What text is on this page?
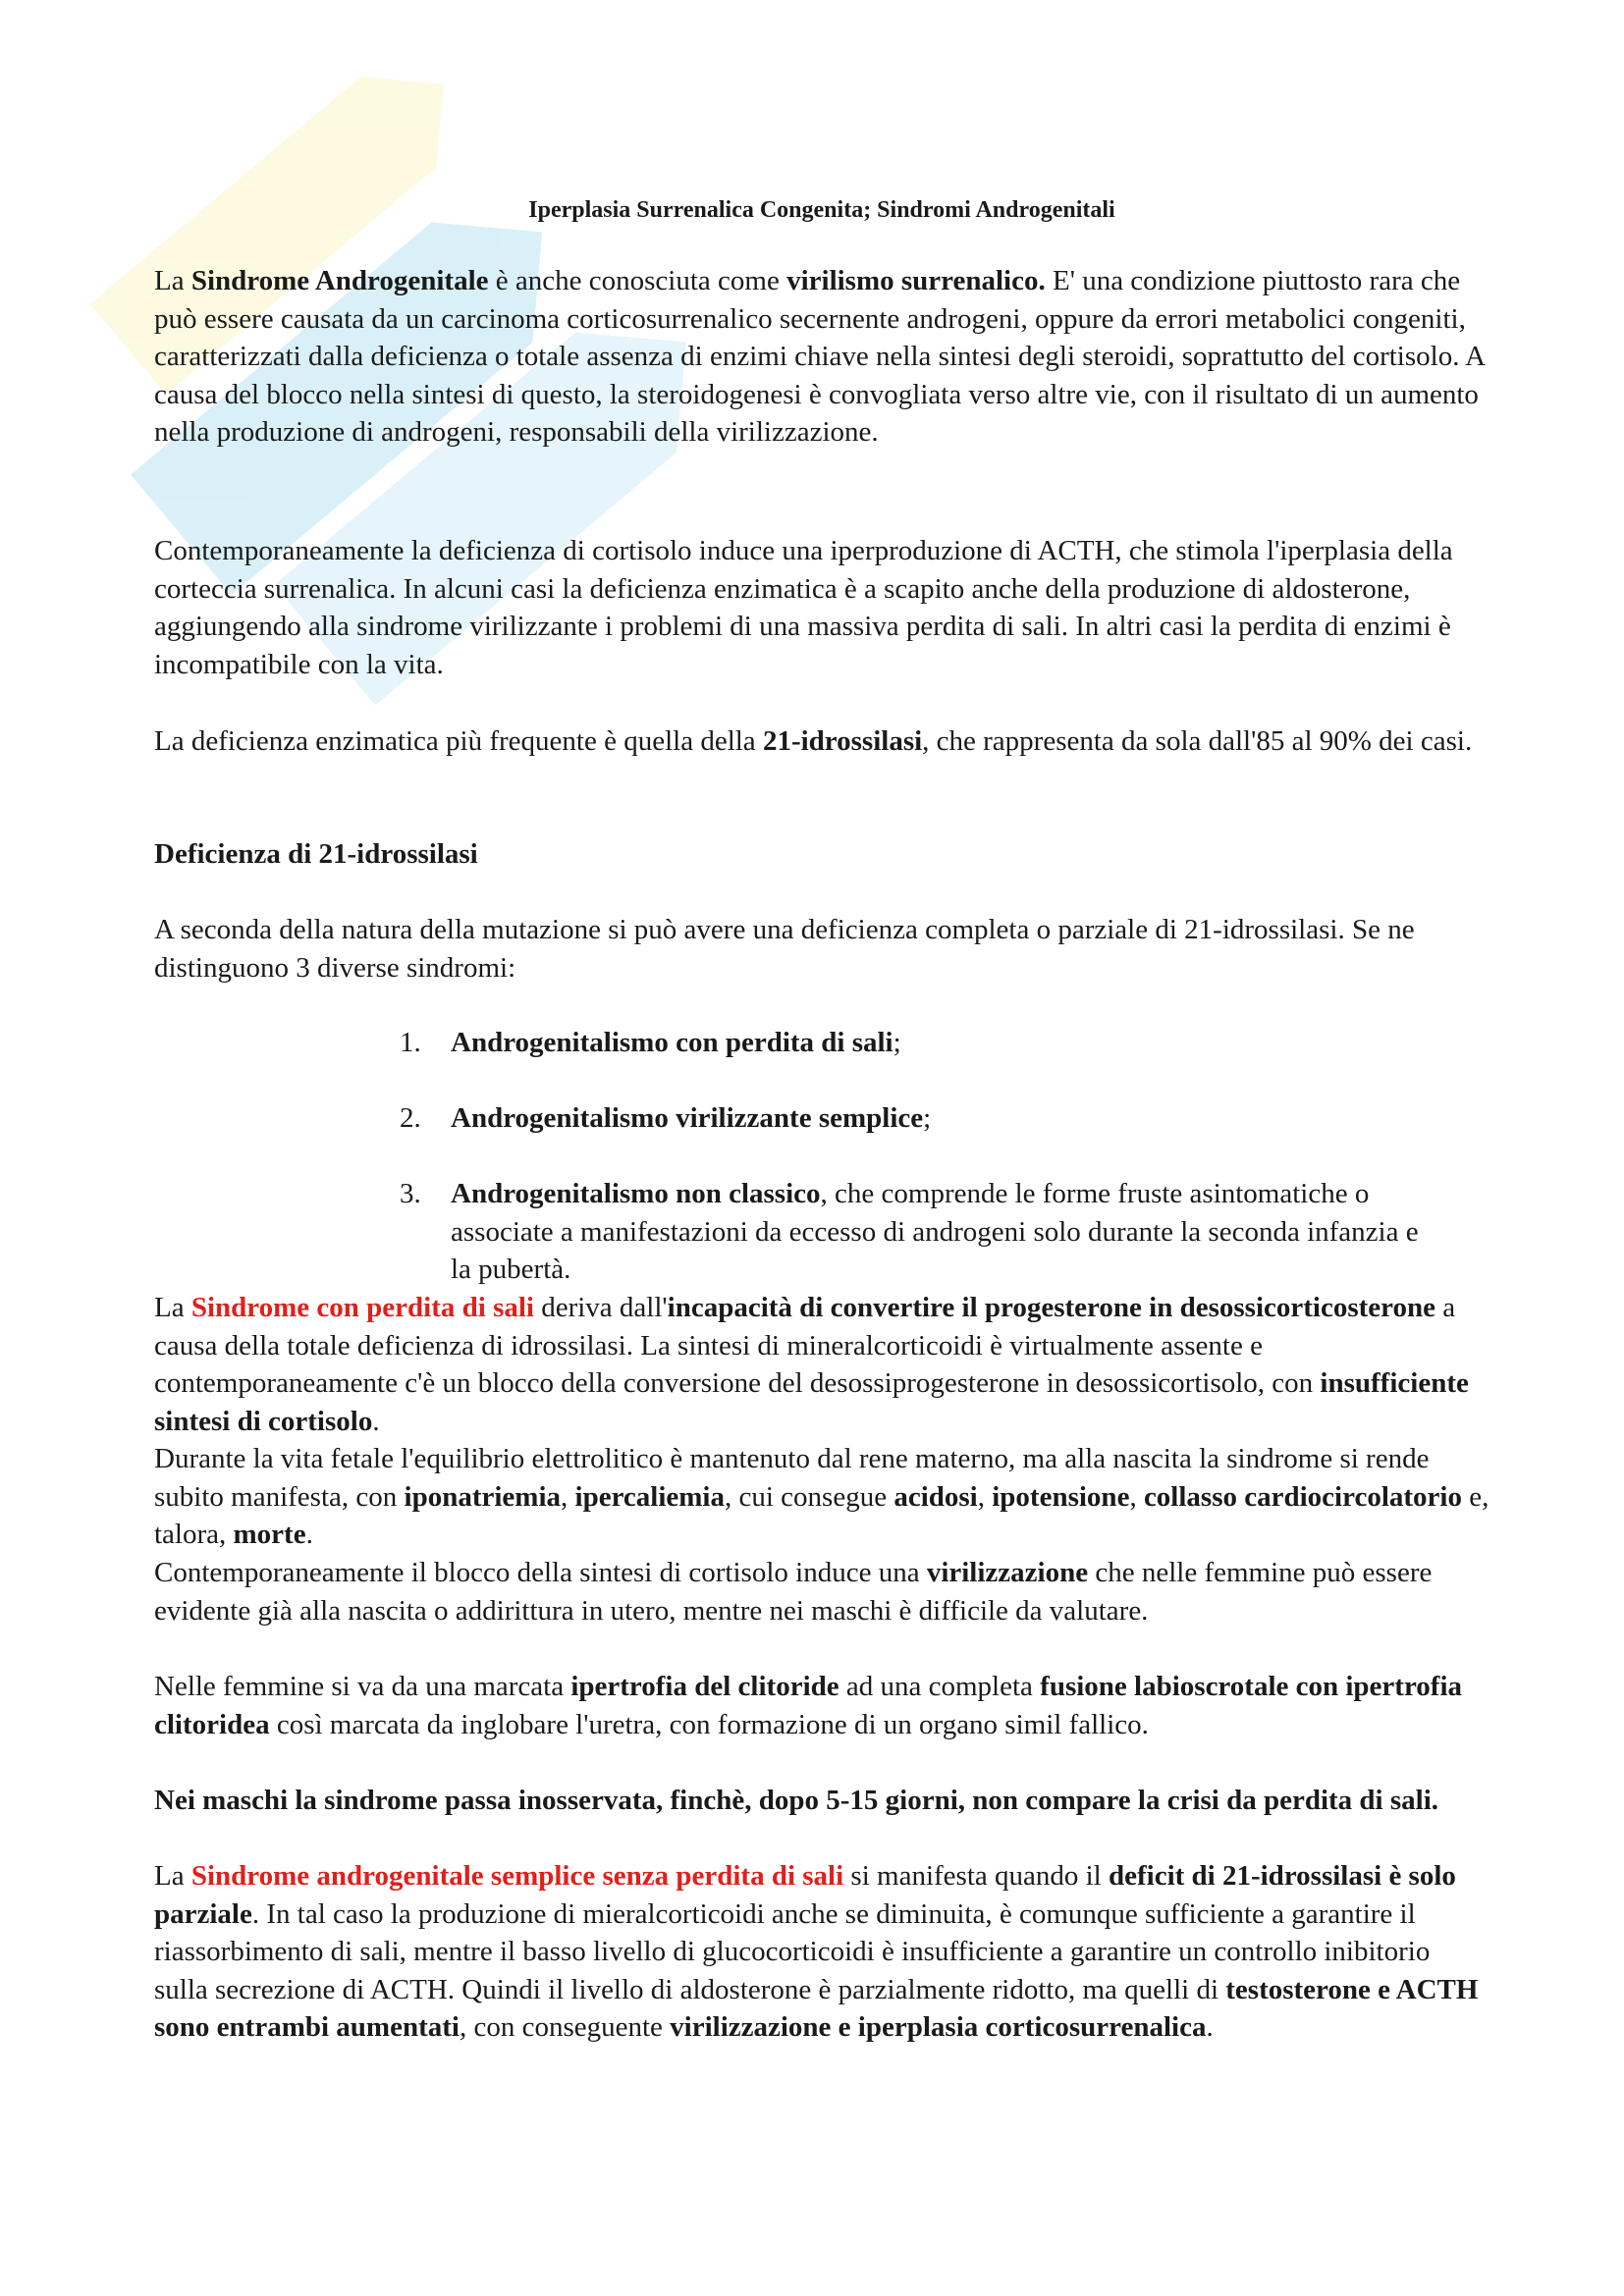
Iperplasia Surrenalica Congenita; Sindromi Androgenitali

La Sindrome Androgenitale è anche conosciuta come virilismo surrenalico. E' una condizione piuttosto rara che può essere causata da un carcinoma corticosurrenalico secernente androgeni, oppure da errori metabolici congeniti, caratterizzati dalla deficienza o totale assenza di enzimi chiave nella sintesi degli steroidi, soprattutto del cortisolo. A causa del blocco nella sintesi di questo, la steroidogenesi è convogliata verso altre vie, con il risultato di un aumento nella produzione di androgeni, responsabili della virilizzazione.

Contemporaneamente la deficienza di cortisolo induce una iperproduzione di ACTH, che stimola l'iperplasia della corteccia surrenalica. In alcuni casi la deficienza enzimatica è a scapito anche della produzione di aldosterone, aggiungendo alla sindrome virilizzante i problemi di una massiva perdita di sali. In altri casi la perdita di enzimi è incompatibile con la vita.

La deficienza enzimatica più frequente è quella della 21-idrossilasi, che rappresenta da sola dall'85 al 90% dei casi.

Deficienza di 21-idrossilasi

A seconda della natura della mutazione si può avere una deficienza completa o parziale di 21-idrossilasi. Se ne distinguono 3 diverse sindromi:

1. Androgenitalismo con perdita di sali;
2. Androgenitalismo virilizzante semplice;
3. Androgenitalismo non classico, che comprende le forme fruste asintomatiche o associate a manifestazioni da eccesso di androgeni solo durante la seconda infanzia e la pubertà.

La Sindrome con perdita di sali deriva dall'incapacità di convertire il progesterone in desossicorticosterone a causa della totale deficienza di idrossilasi. La sintesi di mineralcorticoidi è virtualmente assente e contemporaneamente c'è un blocco della conversione del desossiprogesterone in desossicortisolo, con insufficiente sintesi di cortisolo.

Durante la vita fetale l'equilibrio elettrolitico è mantenuto dal rene materno, ma alla nascita la sindrome si rende subito manifesta, con iponatriemia, ipercaliemia, cui consegue acidosi, ipotensione, collasso cardiocircolatorio e, talora, morte.

Contemporaneamente il blocco della sintesi di cortisolo induce una virilizzazione che nelle femmine può essere evidente già alla nascita o addirittura in utero, mentre nei maschi è difficile da valutare.

Nelle femmine si va da una marcata ipertrofia del clitoride ad una completa fusione labioscrotale con ipertrofia clitoridea così marcata da inglobare l'uretra, con formazione di un organo simil fallico.

Nei maschi la sindrome passa inosservata, finchè, dopo 5-15 giorni, non compare la crisi da perdita di sali.

La Sindrome androgenitale semplice senza perdita di sali si manifesta quando il deficit di 21-idrossilasi è solo parziale. In tal caso la produzione di mieralcorticoidi anche se diminuita, è comunque sufficiente a garantire il riassorbimento di sali, mentre il basso livello di glucocorticoidi è insufficiente a garantire un controllo inibitorio sulla secrezione di ACTH. Quindi il livello di aldosterone è parzialmente ridotto, ma quelli di testosterone e ACTH sono entrambi aumentati, con conseguente virilizzazione e iperplasia corticosurrenalica.
